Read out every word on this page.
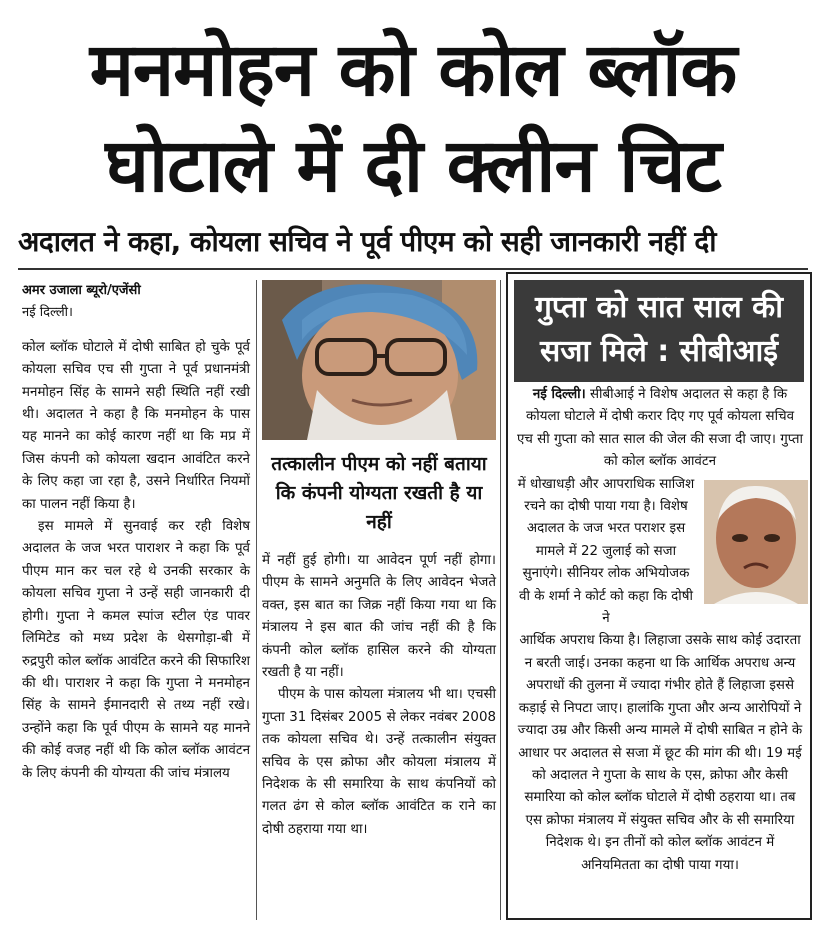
मनमोहन को कोल ब्लॉक
घोटाले में दी क्लीन चिट
अदालत ने कहा, कोयला सचिव ने पूर्व पीएम को सही जानकारी नहीं दी
अमर उजाला ब्यूरो/एजेंसी
नई दिल्ली।

कोल ब्लॉक घोटाले में दोषी साबित हो चुके पूर्व कोयला सचिव एच सी गुप्ता ने पूर्व प्रधानमंत्री मनमोहन सिंह के सामने सही स्थिति नहीं रखी थी। अदालत ने कहा है कि मनमोहन के पास यह मानने का कोई कारण नहीं था कि मप्र में जिस कंपनी को कोयला खदान आवंटित करने के लिए कहा जा रहा है, उसने निर्धारित नियमों का पालन नहीं किया है।

इस मामले में सुनवाई कर रही विशेष अदालत के जज भरत पाराशर ने कहा कि पूर्व पीएम मान कर चल रहे थे उनकी सरकार के कोयला सचिव गुप्ता ने उन्हें सही जानकारी दी होगी। गुप्ता ने कमल स्पांज स्टील एंड पावर लिमिटेड को मध्य प्रदेश के थेसगोड़ा-बी में रुद्रपुरी कोल ब्लॉक आवंटित करने की सिफारिश की थी। पाराशर ने कहा कि गुप्ता ने मनमोहन सिंह के सामने ईमानदारी से तथ्य नहीं रखे। उन्होंने कहा कि पूर्व पीएम के सामने यह मानने की कोई वजह नहीं थी कि कोल ब्लॉक आवंटन के लिए कंपनी की योग्यता की जांच मंत्रालय

तत्कालीन पीएम को नहीं बताया कि कंपनी योग्यता रखती है या नहीं

में नहीं हुई होगी। या आवेदन पूर्ण नहीं होगा। पीएम के सामने अनुमति के लिए आवेदन भेजते वक्त, इस बात का जिक्र नहीं किया गया था कि मंत्रालय ने इस बात की जांच नहीं की है कि कंपनी कोल ब्लॉक हासिल करने की योग्यता रखती है या नहीं।

पीएम के पास कोयला मंत्रालय भी था। एचसी गुप्ता 31 दिसंबर 2005 से लेकर नवंबर 2008 तक कोयला सचिव थे। उन्हें तत्कालीन संयुक्त सचिव के एस क्रोफा और कोयला मंत्रालय में निदेशक के सी समारिया के साथ कंपनियों को गलत ढंग से कोल ब्लॉक आवंटित क राने का दोषी ठहराया गया था।

गुप्ता को सात साल की
सजा मिले : सीबीआई
नई दिल्ली। सीबीआई ने विशेष अदालत से कहा है कि कोयला घोटाले में दोषी करार दिए गए पूर्व कोयला सचिव एच सी गुप्ता को सात साल की जेल की सजा दी जाए। गुप्ता को कोल ब्लॉक आवंटन
में धोखाधड़ी और आपराधिक साजिश रचने का दोषी पाया गया है। विशेष अदालत के जज भरत पराशर इस मामले में 22 जुलाई को सजा सुनाएंगे। सीनियर लोक अभियोजक वी के शर्मा ने कोर्ट को कहा कि दोषी ने
आर्थिक अपराध किया है। लिहाजा उसके साथ कोई उदारता न बरती जाई। उनका कहना था कि आर्थिक अपराध अन्य अपराधों की तुलना में ज्यादा गंभीर होते हैं लिहाजा इससे कड़ाई से निपटा जाए। हालांकि गुप्ता और अन्य आरोपियों ने ज्यादा उम्र और किसी अन्य मामले में दोषी साबित न होने के आधार पर अदालत से सजा में छूट की मांग की थी। 19 मई को अदालत ने गुप्ता के साथ के एस, क्रोफा और केसी समारिया को कोल ब्लॉक घोटाले में दोषी ठहराया था। तब एस क्रोफा मंत्रालय में संयुक्त सचिव और के सी समारिया निदेशक थे। इन तीनों को कोल ब्लॉक आवंटन में अनियमितता का दोषी पाया गया।
